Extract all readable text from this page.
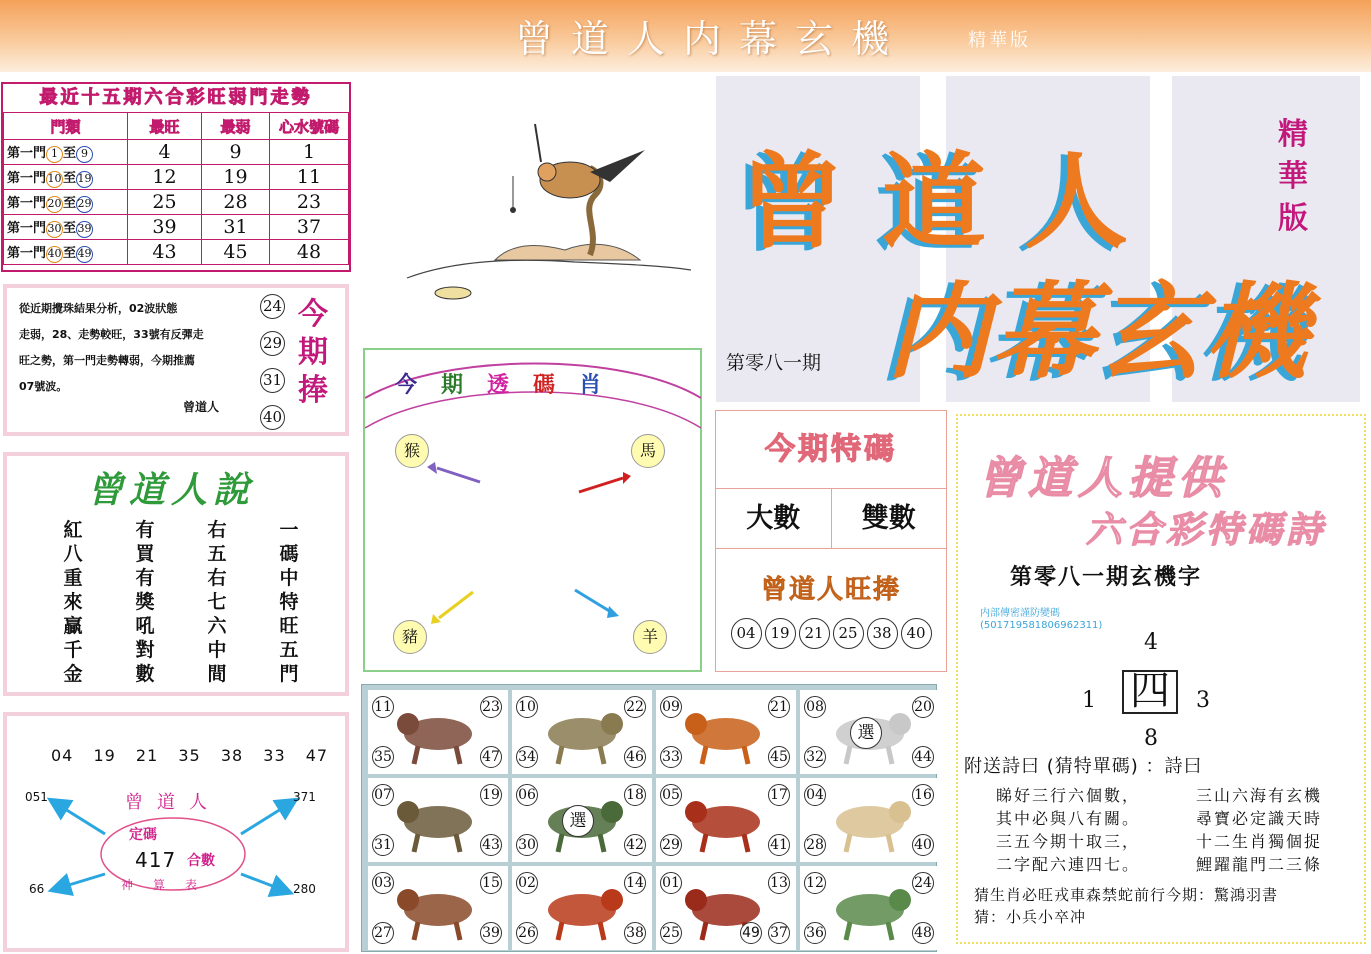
曾道人内幕玄機	精華版
最近十五期六合彩旺弱門走勢
門類	最旺	最弱	心水號碼
第一門 1 至 9	4	9	1
第一門 10 至 19	12	19	11
第一門 20 至 29	25	28	23
第一門 30 至 39	39	31	37
第一門 40 至 49	43	45	48
從近期攪珠結果分析，02波狀態
走弱，28、走勢較旺，33號有反彈走
旺之勢，第一門走勢轉弱，今期推薦
07號波。
曾道人
24
29
31
40
今期捧
曾道人說
紅
八
重
來
贏
千
金
有
買
有
獎
吼
對
數
右
五
右
七
六
中
間
一
碼
中
特
旺
五
門
04 19 21 35 38 33 47
051	371
66	280
曾道人
定碼
417 合數
神算表
今期透碼肖
猴	馬
豬	羊
11	23
35	47
10	22
34	46
09	21
33	45
08	20
32	44
選
07	19
31	43
06	18
30	42
選
05	17
29	41
04	16
28	40
03	15
27	39
02	14
26	38
01	13
25	37
49
12	24
36	48
曾道人
内幕玄機
精華版
第零八一期
今期特碼
大數	雙數
曾道人旺捧
04 19 21 25 38 40
曾道人提供
六合彩特碼詩
第零八一期玄機字
内部傳密謹防變碼
(501719581806962311)
4
1 四	3
8
附送詩曰 (猜特單碼) ：詩曰
睇好三行六個數，
其中必與八有關。
三五今期十取三，
二字配六連四七。
三山六海有玄機
尋寶必定識天時
十二生肖獨個捉
鯉躍龍門二三條
猜生肖必旺戎車森禁蛇前行今期：驚鴻羽書
猜：小兵小卒冲
